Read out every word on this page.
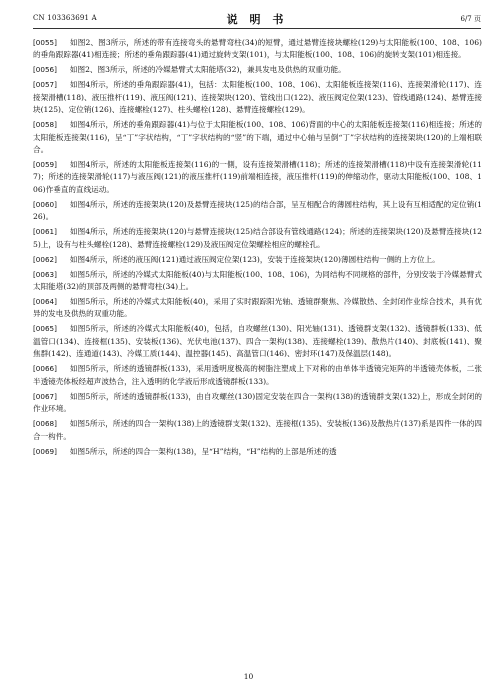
CN 103363691 A	说 明 书	6/7 页

[0055] 如图2、图3所示，所述的带有连接弯头的悬臂弯柱(34)的短臂，通过悬臂连接块螺栓(129)与太阳能板(100、108、106)的垂角跟踪器(41)相连接；所述的垂角跟踪器(41)通过旋转支架(101)，与太阳能板(100、108、106)的旋转支架(101)相连接。

[0056] 如图2、图3所示，所述的冷媒悬臂式太阳能塔(32)，兼具发电及供热的双重功能。

[0057] 如图4所示，所述的垂角跟踪器(41)，包括：太阳能板(100、108、106)、太阳能板连接架(116)、连接架滑轮(117)、连接架滑槽(118)、液压推杆(119)、液压阀(121)、连接架块(120)、管线出口(122)、液压阀定位架(123)、管线通路(124)、悬臂连接块(125)、定位销(126)、连接螺栓(127)、柱头螺栓(128)、悬臂连接螺栓(129)。

[0058] 如图4所示，所述的垂角跟踪器(41)与位于太阳能板(100、108、106)背面的中心的太阳能板连接架(116)相连接；所述的太阳能板连接架(116)，呈“丁”字状结构，“丁”字状结构的“竖”的下端，通过中心轴与呈倒“丁”字状结构的连接架块(120)的上端相联合。

[0059] 如图4所示，所述的太阳能板连接架(116)的一側，设有连接架滑槽(118)；所述的连接架滑槽(118)中设有连接架滑轮(117)；所述的连接架滑轮(117)与液压阀(121)的液压推杆(119)前端相连接，液压推杆(119)的伸缩动作，驱动太阳能板(100、108、106)作垂直的直线运动。

[0060] 如图4所示，所述的连接架块(120)及悬臂连接块(125)的结合部，呈互相配合的薄圆柱结构，其上设有互相适配的定位销(126)。

[0061] 如图4所示，所述的连接架块(120)与悬臂连接块(125)结合部设有管线通路(124)；所述的连接架块(120)及悬臂连接块(125)上，设有与柱头螺栓(128)、悬臂连接螺栓(129)及液压阀定位架螺栓相应的螺栓孔。

[0062] 如图4所示，所述的液压阀(121)通过液压阀定位架(123)，安装于连接架块(120)薄圆柱结构一侧的上方位上。

[0063] 如图5所示，所述的冷媒式太阳能板(40)与太阳能板(100、108、106)，为同结构不同规格的部件，分别安装于冷媒悬臂式太阳能塔(32)的顶部及两侧的悬臂弯柱(34)上。

[0064] 如图5所示，所述的冷媒式太阳能板(40)，采用了实时跟踪阳光轴、透镜群聚焦、冷媒散热、全封闭作业综合技术，具有优异的发电及供热的双重功能。

[0065] 如图5所示，所述的冷媒式太阳能板(40)，包括，自攻螺丝(130)、阳光轴(131)、透镜群支架(132)、透镜群板(133)、低温管口(134)、连接框(135)、安装板(136)、光伏电池(137)、四合一架构(138)、连接螺栓(139)、散热片(140)、封底板(141)、聚焦群(142)、连通道(143)、冷媒工质(144)、温控器(145)、高温管口(146)、密封环(147)及保温层(148)。

[0066] 如图5所示，所述的透镜群板(133)，采用透明度极高的树脂注塑成上下对称的由单体半透镜完矩阵的半透镜壳体板，二张半透镜壳体板经超声波热合，注入透明的化学液后形成透镜群板(133)。

[0067] 如图5所示，所述的透镜群板(133)，由自攻螺丝(130)固定安装在四合一架构(138)的透镜群支架(132)上，形成全封闭的作业环境。

[0068] 如图5所示，所述的四合一架构(138)上的透镜群支架(132)、连接框(135)、安装板(136)及散热片(137)系是四件一体的四合一构件。

[0069] 如图5所示，所述的四合一架构(138)，呈“H”结构，“H”结构的上部是所述的透

10
